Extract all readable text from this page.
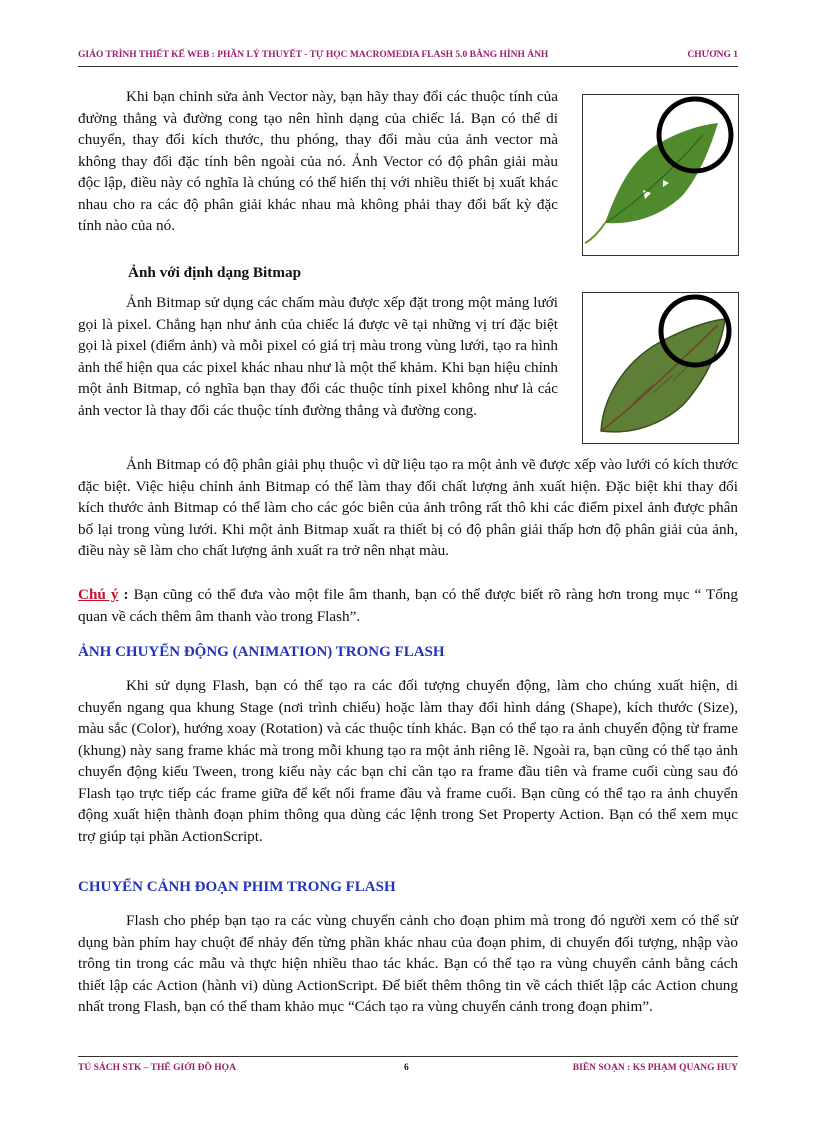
GIÁO TRÌNH THIẾT KẾ WEB : PHẦN LÝ THUYẾT - TỰ HỌC MACROMEDIA FLASH 5.0 BẰNG HÌNH ẢNH	CHƯƠNG 1

Khi bạn chỉnh sửa ảnh Vector này, bạn hãy thay đổi các thuộc tính của đường thẳng và đường cong tạo nên hình dạng của chiếc lá. Bạn có thể di chuyển, thay đổi kích thước, thu phóng, thay đổi màu của ảnh vector mà không thay đổi đặc tính bên ngoài của nó. Ảnh Vector có độ phân giải màu độc lập, điều này có nghĩa là chúng có thể hiển thị với nhiều thiết bị xuất khác nhau cho ra các độ phân giải khác nhau mà không phải thay đổi bất kỳ đặc tính nào của nó.

Ảnh với định dạng Bitmap

Ảnh Bitmap sử dụng các chấm màu được xếp đặt trong một mảng lưới gọi là pixel. Chẳng hạn như ảnh của chiếc lá được vẽ tại những vị trí đặc biệt gọi là pixel (điểm ảnh) và mỗi pixel có giá trị màu trong vùng lưới, tạo ra hình ảnh thể hiện qua các pixel khác nhau như là một thể khảm. Khi bạn hiệu chỉnh một ảnh Bitmap, có nghĩa bạn thay đổi các thuộc tính pixel không như là các ảnh vector là thay đổi các thuộc tính đường thẳng và đường cong.

Ảnh Bitmap có độ phân giải phụ thuộc vì dữ liệu tạo ra một ảnh vẽ được xếp vào lưới có kích thước đặc biệt. Việc hiệu chỉnh ảnh Bitmap có thể làm thay đổi chất lượng ảnh xuất hiện. Đặc biệt khi thay đổi kích thước ảnh Bitmap có thể làm cho các góc biên của ảnh trông rất thô khi các điểm pixel ảnh được phân bố lại trong vùng lưới. Khi một ảnh Bitmap xuất ra thiết bị có độ phân giải thấp hơn độ phân giải của ảnh, điều này sẽ làm cho chất lượng ảnh xuất ra trở nên nhạt màu.

Chú ý : Bạn cũng có thể đưa vào một file âm thanh, bạn có thể được biết rõ ràng hơn trong mục “ Tổng quan về cách thêm âm thanh vào trong Flash”.

ẢNH CHUYỂN ĐỘNG (ANIMATION) TRONG FLASH

Khi sử dụng Flash, bạn có thể tạo ra các đối tượng chuyển động, làm cho chúng xuất hiện, di chuyển ngang qua khung Stage (nơi trình chiếu) hoặc làm thay đổi hình dáng (Shape), kích thước (Size), màu sắc (Color), hướng xoay (Rotation) và các thuộc tính khác. Bạn có thể tạo ra ảnh chuyển động từ frame (khung) này sang frame khác mà trong mỗi khung tạo ra một ảnh riêng lẽ. Ngoài ra, bạn cũng có thể tạo ảnh chuyển động kiểu Tween, trong kiểu này các bạn chỉ cần tạo ra frame đầu tiên và frame cuối cùng sau đó Flash tạo trực tiếp các frame giữa để kết nối frame đầu và frame cuối. Bạn cũng có thể tạo ra ảnh chuyển động xuất hiện thành đoạn phim thông qua dùng các lệnh trong Set Property Action. Bạn có thể xem mục trợ giúp tại phần ActionScript.

CHUYỂN CẢNH ĐOẠN PHIM TRONG FLASH

Flash cho phép bạn tạo ra các vùng chuyển cảnh cho đoạn phim mà trong đó người xem có thể sử dụng bàn phím hay chuột để nhảy đến từng phần khác nhau của đoạn phim, di chuyển đối tượng, nhập vào trông tin trong các mẫu và thực hiện nhiều thao tác khác. Bạn có thể tạo ra vùng chuyển cảnh bằng cách thiết lập các Action (hành vi) dùng ActionScript. Để biết thêm thông tin về cách thiết lập các Action chung nhất trong Flash, bạn có thể tham khảo mục “Cách tạo ra vùng chuyển cảnh trong đoạn phim”.

TỦ SÁCH STK – THẾ GIỚI ĐỒ HỌA	6	BIÊN SOẠN : KS PHẠM QUANG HUY
